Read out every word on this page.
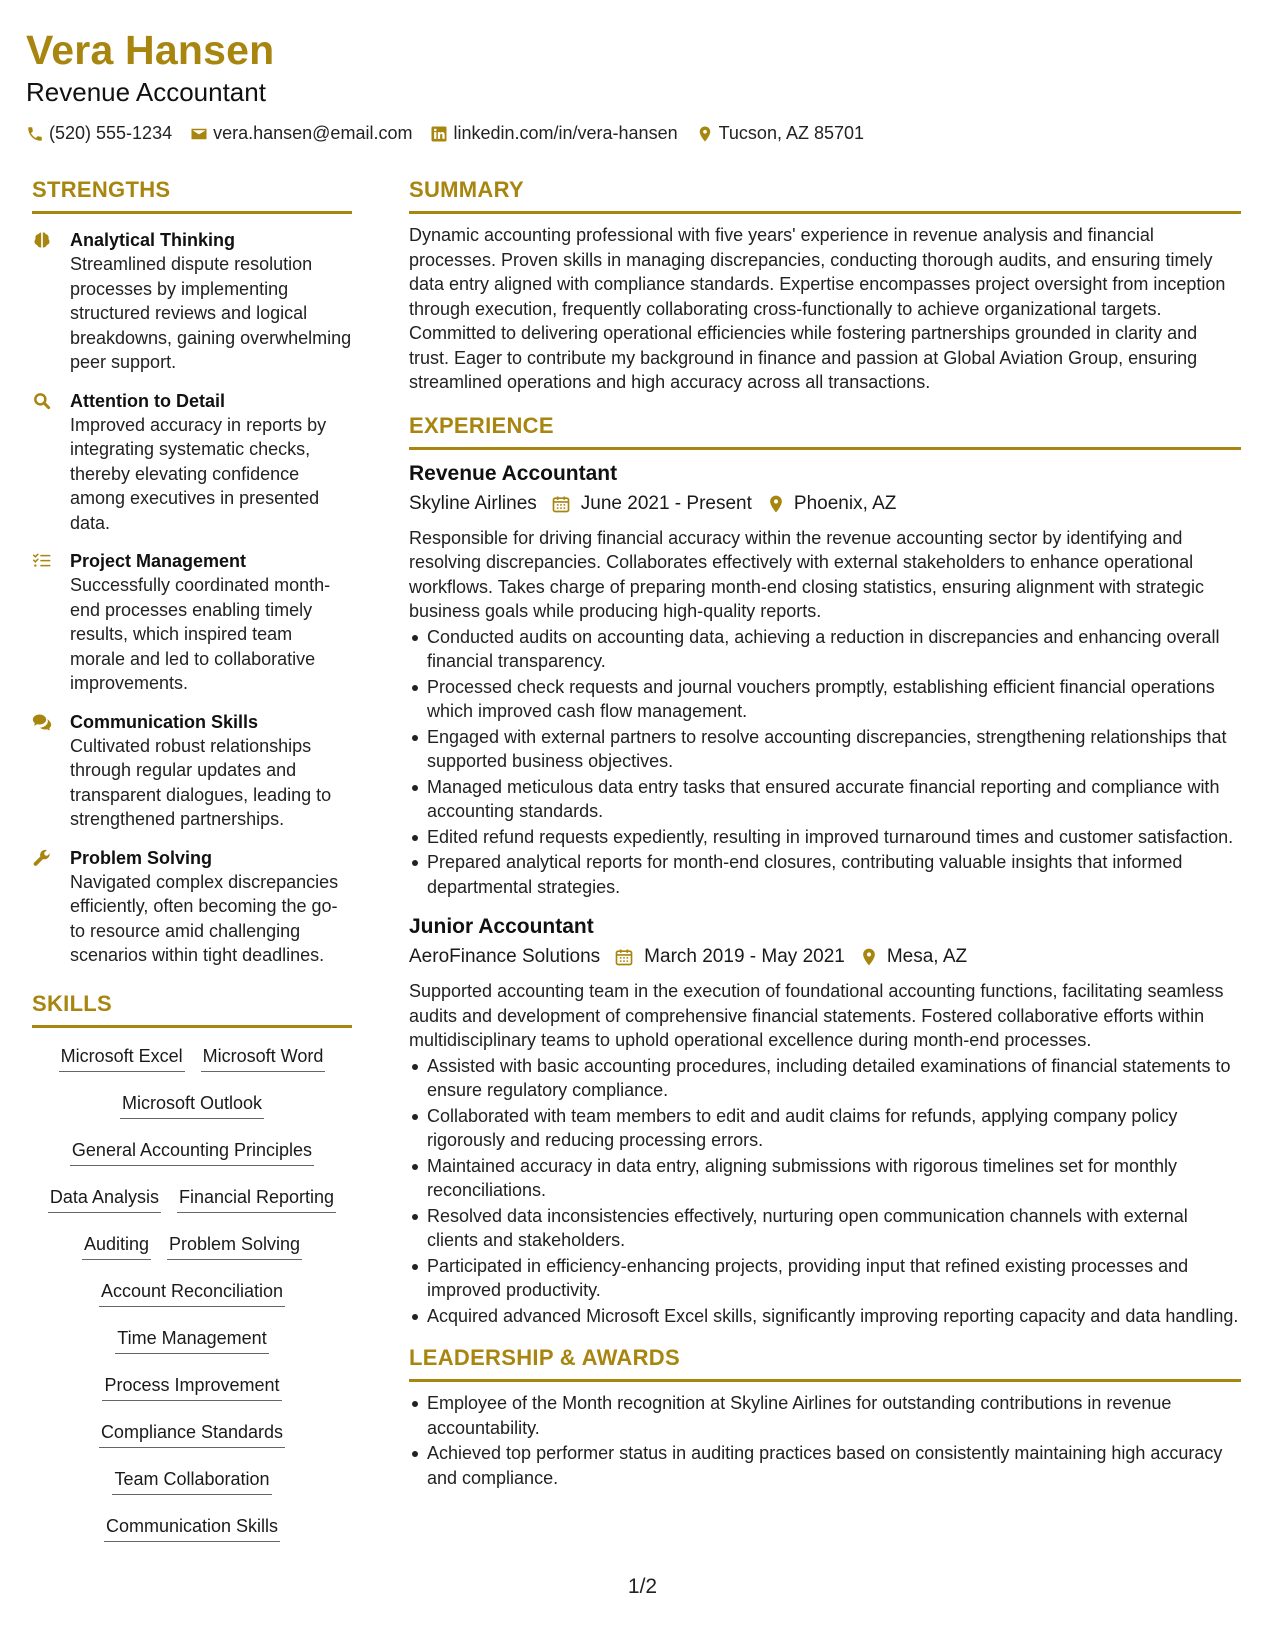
Vera Hansen
Revenue Accountant
(520) 555-1234 vera.hansen@email.com linkedin.com/in/vera-hansen Tucson, AZ 85701
STRENGTHS
Analytical Thinking
Streamlined dispute resolution processes by implementing structured reviews and logical breakdowns, gaining overwhelming peer support.
Attention to Detail
Improved accuracy in reports by integrating systematic checks, thereby elevating confidence among executives in presented data.
Project Management
Successfully coordinated month-end processes enabling timely results, which inspired team morale and led to collaborative improvements.
Communication Skills
Cultivated robust relationships through regular updates and transparent dialogues, leading to strengthened partnerships.
Problem Solving
Navigated complex discrepancies efficiently, often becoming the go-to resource amid challenging scenarios within tight deadlines.
SKILLS
Microsoft Excel Microsoft Word
Microsoft Outlook
General Accounting Principles
Data Analysis Financial Reporting
Auditing Problem Solving
Account Reconciliation
Time Management
Process Improvement
Compliance Standards
Team Collaboration
Communication Skills
SUMMARY
Dynamic accounting professional with five years' experience in revenue analysis and financial processes. Proven skills in managing discrepancies, conducting thorough audits, and ensuring timely data entry aligned with compliance standards. Expertise encompasses project oversight from inception through execution, frequently collaborating cross-functionally to achieve organizational targets. Committed to delivering operational efficiencies while fostering partnerships grounded in clarity and trust. Eager to contribute my background in finance and passion at Global Aviation Group, ensuring streamlined operations and high accuracy across all transactions.
EXPERIENCE
Revenue Accountant
Skyline Airlines June 2021 - Present Phoenix, AZ
Responsible for driving financial accuracy within the revenue accounting sector by identifying and resolving discrepancies. Collaborates effectively with external stakeholders to enhance operational workflows. Takes charge of preparing month-end closing statistics, ensuring alignment with strategic business goals while producing high-quality reports.
Conducted audits on accounting data, achieving a reduction in discrepancies and enhancing overall financial transparency.
Processed check requests and journal vouchers promptly, establishing efficient financial operations which improved cash flow management.
Engaged with external partners to resolve accounting discrepancies, strengthening relationships that supported business objectives.
Managed meticulous data entry tasks that ensured accurate financial reporting and compliance with accounting standards.
Edited refund requests expediently, resulting in improved turnaround times and customer satisfaction.
Prepared analytical reports for month-end closures, contributing valuable insights that informed departmental strategies.
Junior Accountant
AeroFinance Solutions March 2019 - May 2021 Mesa, AZ
Supported accounting team in the execution of foundational accounting functions, facilitating seamless audits and development of comprehensive financial statements. Fostered collaborative efforts within multidisciplinary teams to uphold operational excellence during month-end processes.
Assisted with basic accounting procedures, including detailed examinations of financial statements to ensure regulatory compliance.
Collaborated with team members to edit and audit claims for refunds, applying company policy rigorously and reducing processing errors.
Maintained accuracy in data entry, aligning submissions with rigorous timelines set for monthly reconciliations.
Resolved data inconsistencies effectively, nurturing open communication channels with external clients and stakeholders.
Participated in efficiency-enhancing projects, providing input that refined existing processes and improved productivity.
Acquired advanced Microsoft Excel skills, significantly improving reporting capacity and data handling.
LEADERSHIP & AWARDS
Employee of the Month recognition at Skyline Airlines for outstanding contributions in revenue accountability.
Achieved top performer status in auditing practices based on consistently maintaining high accuracy and compliance.
1/2
